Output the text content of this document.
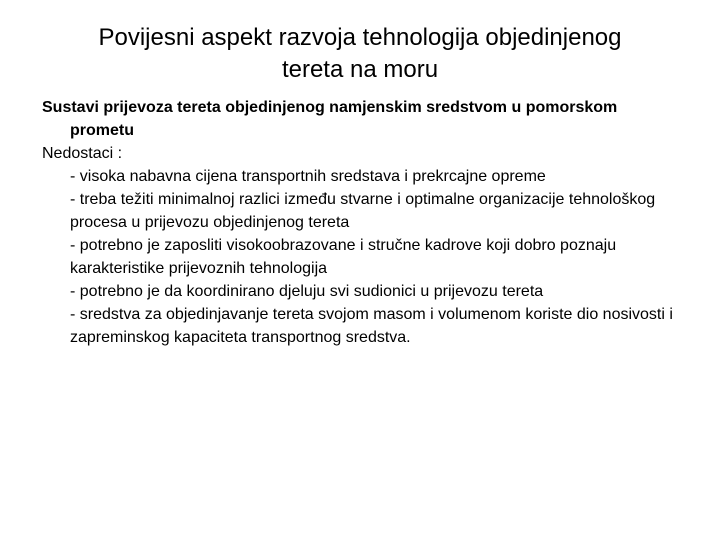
Povijesni aspekt razvoja tehnologija objedinjenog
tereta na moru

Sustavi prijevoza tereta objedinjenog namjenskim sredstvom u pomorskom prometu

Nedostaci :

- visoka nabavna cijena transportnih sredstava i prekrcajne opreme
- treba težiti minimalnoj razlici između stvarne i optimalne organizacije tehnološkog procesa u prijevozu objedinjenog tereta
- potrebno je zaposliti visokoobrazovane i stručne kadrove koji dobro poznaju karakteristike prijevoznih tehnologija
- potrebno je da koordinirano djeluju svi sudionici u prijevozu tereta
- sredstva za objedinjavanje tereta svojom masom i volumenom koriste dio nosivosti i zapreminskog kapaciteta transportnog sredstva.
